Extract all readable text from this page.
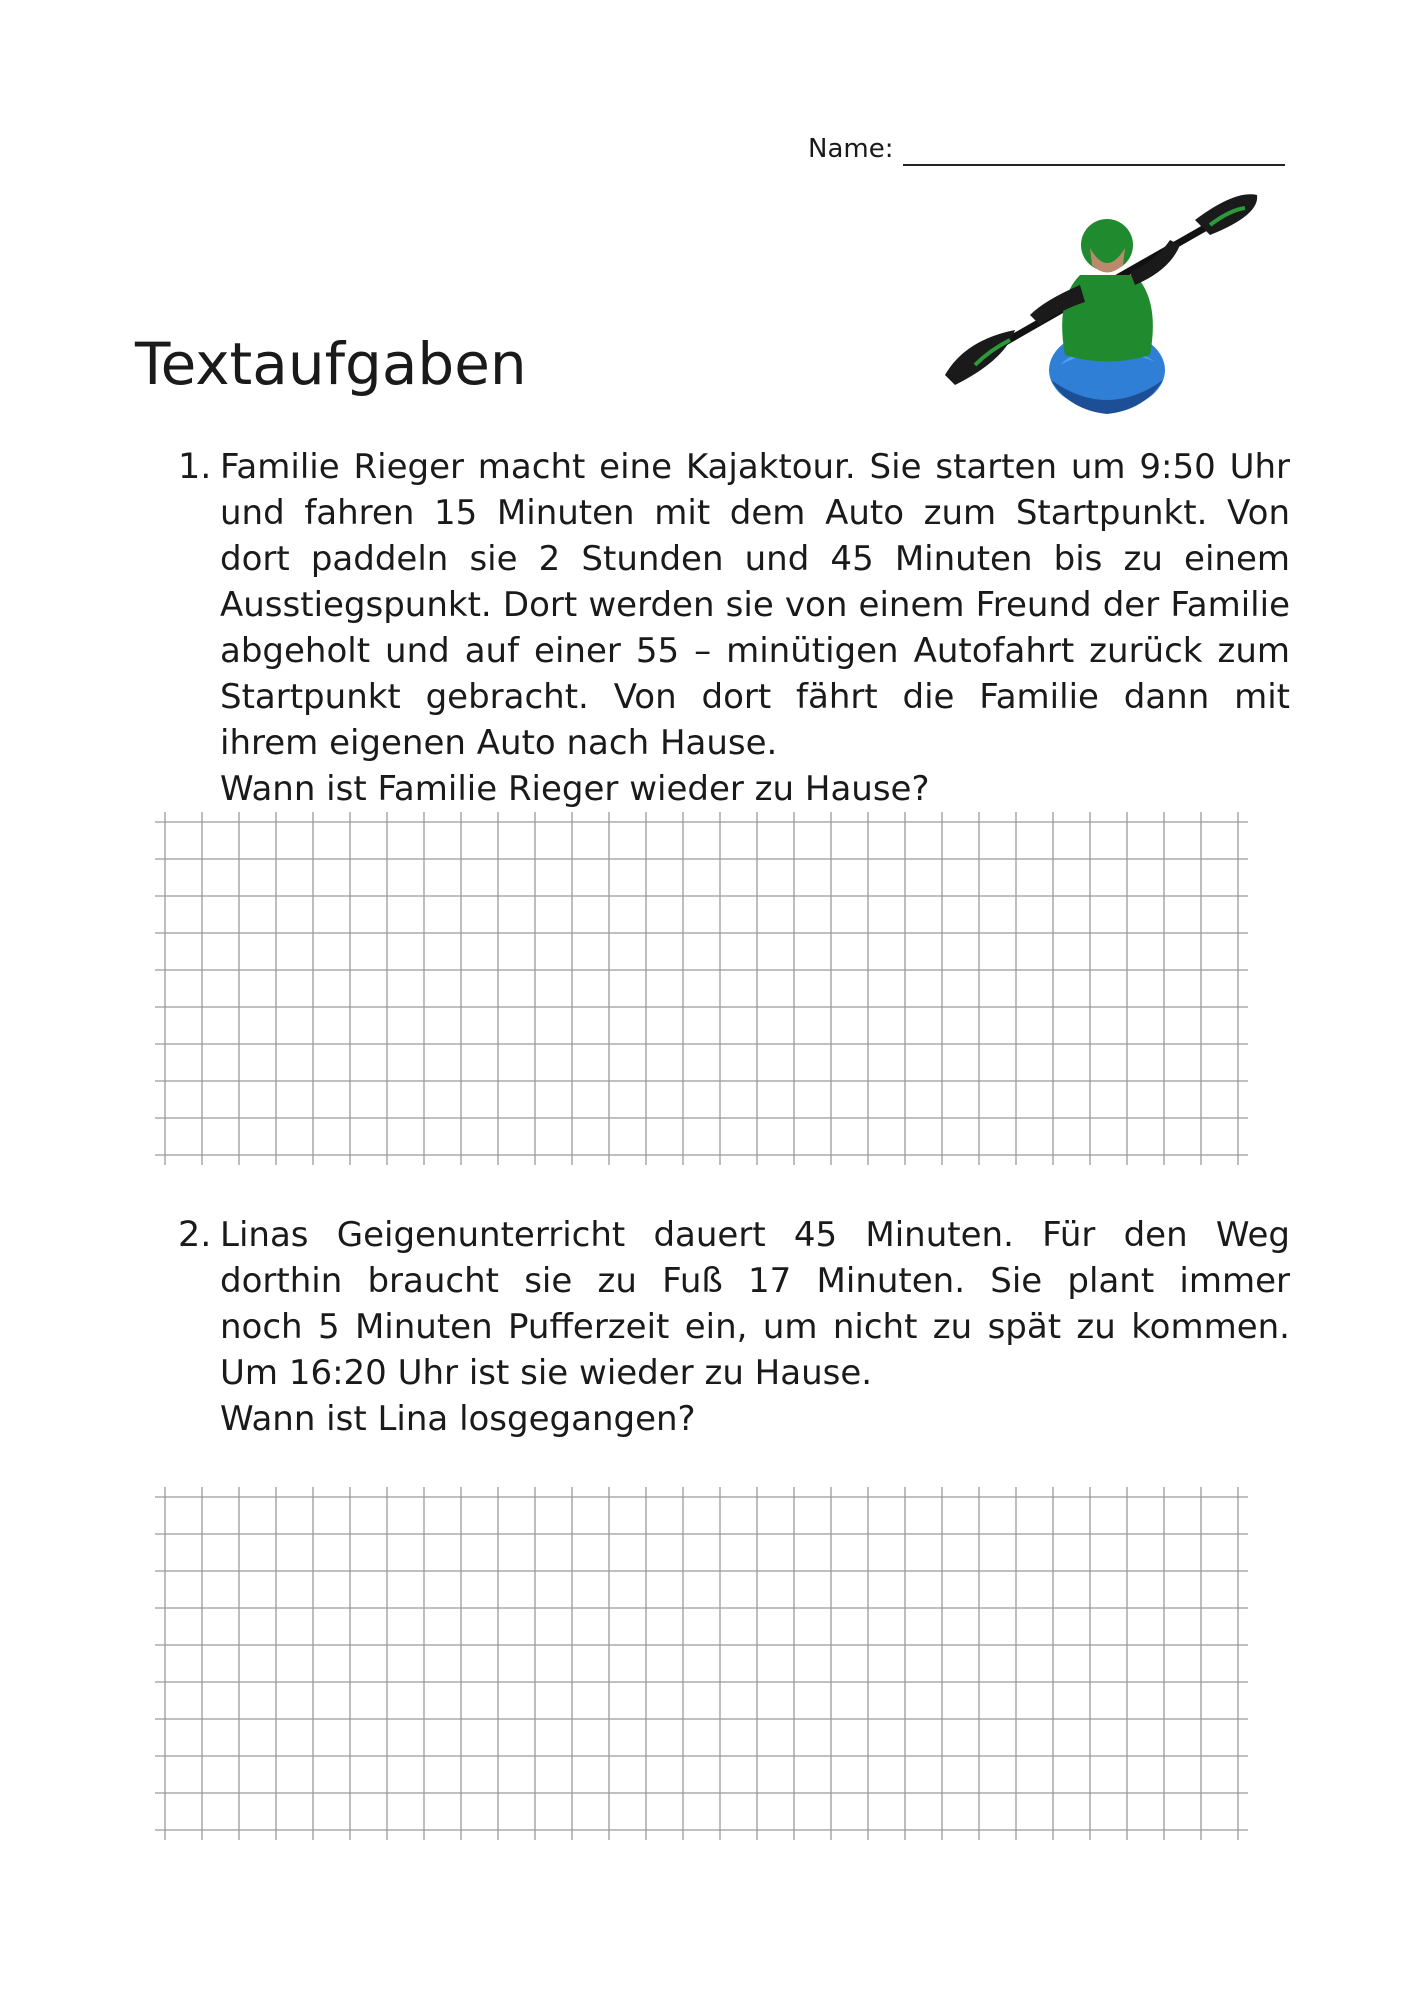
Name:
Textaufgaben
1. Familie Rieger macht eine Kajaktour. Sie starten um 9:50 Uhr
und fahren 15 Minuten mit dem Auto zum Startpunkt. Von
dort paddeln sie 2 Stunden und 45 Minuten bis zu einem
Ausstiegspunkt. Dort werden sie von einem Freund der Familie
abgeholt und auf einer 55 – minütigen Autofahrt zurück zum
Startpunkt gebracht. Von dort fährt die Familie dann mit
ihrem eigenen Auto nach Hause.
Wann ist Familie Rieger wieder zu Hause?
2. Linas Geigenunterricht dauert 45 Minuten. Für den Weg
dorthin braucht sie zu Fuß 17 Minuten. Sie plant immer
noch 5 Minuten Pufferzeit ein, um nicht zu spät zu kommen.
Um 16:20 Uhr ist sie wieder zu Hause.
Wann ist Lina losgegangen?
